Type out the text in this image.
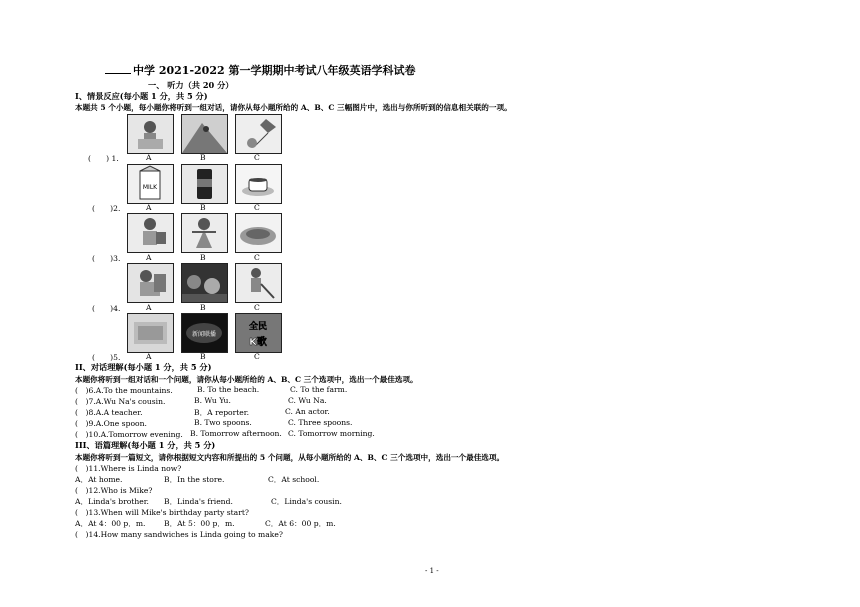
中学 2021-2022 第一学期期中考试八年级英语学科试卷
一、 听力（共 20 分）
I、情景反应(每小题 1 分，共 5 分)
本题共 5 个小题，每小题你将听到一组对话，请你从每小题所给的 A、B、C 三幅图片中，选出与你所听到的信息相关联的一项。
(　　) 1.	A	B	C
MILK
(　　)2.	A	B	C
(　　)3.	A	B	C
(　　)4.	A	B	C
新闻联播
全民
K歌
(　　)5.	A	B	C
II、对话理解(每小题 1 分，共 5 分)
本题你将听到一组对话和一个问题，请你从每小题所给的 A、B、C 三个选项中，选出一个最佳选项。
(　)6.A.To the mountains.	B. To the beach.	C. To the farm.
(　)7.A.Wu Na's cousin.	B. Wu Yu.	C. Wu Na.
(　)8.A.A teacher.	B．A reporter.	C. An actor.
(　)9.A.One spoon.	B. Two spoons.	C. Three spoons.
(　)10.A.Tomorrow evening. B. Tomorrow afternoon. C. Tomorrow morning.
III、语篇理解(每小题 1 分，共 5 分)
本题你将听到一篇短文，请你根据短文内容和所提出的 5 个问题，从每小题所给的 A、B、C 三个选项中，选出一个最佳选项。
(　)11.Where is Linda now?
A．At home.	B．In the store.	C．At school.
(　)12.Who is Mike?
A．Linda's brother. B．Linda's friend.	C．Linda's cousin.
(　)13.When will Mike's birthday party start?
A．At 4：00 p．m. B．At 5：00 p．m.	C．At 6：00 p．m.
(　)14.How many sandwiches is Linda going to make?
- 1 -
